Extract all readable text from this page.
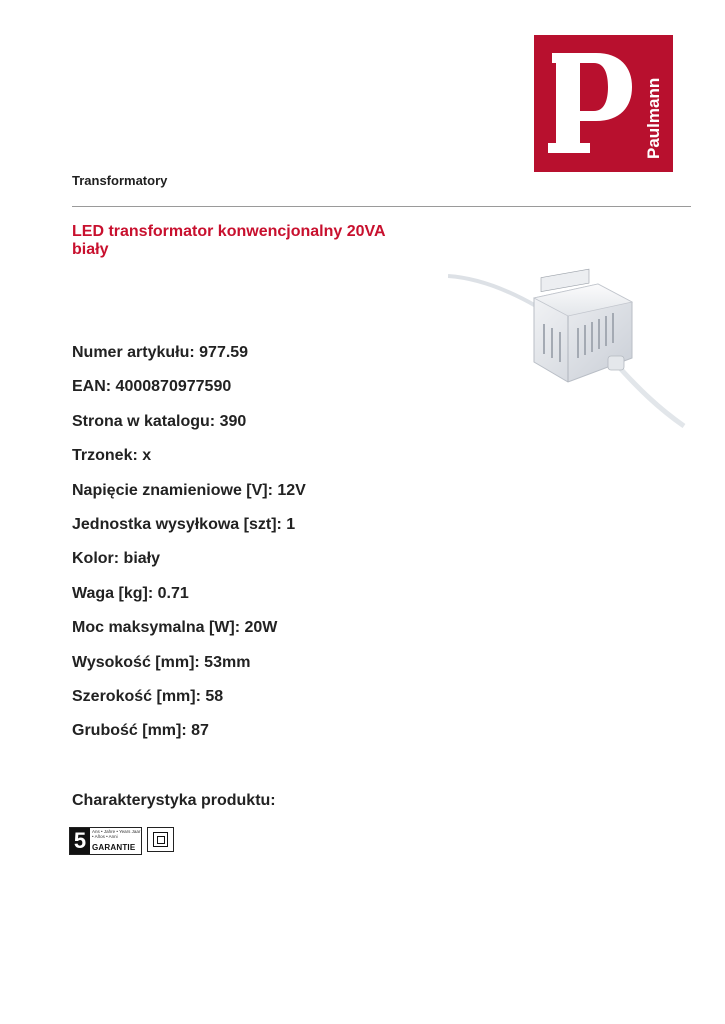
Paulmann
Transformatory
LED transformator konwencjonalny 20VA
biały
Numer artykułu: 977.59
EAN: 4000870977590
Strona w katalogu: 390
Trzonek: x
Napięcie znamieniowe [V]: 12V
Jednostka wysyłkowa [szt]: 1
Kolor: biały
Waga [kg]: 0.71
Moc maksymalna [W]: 20W
Wysokość [mm]: 53mm
Szerokość [mm]: 58
Grubość [mm]: 87
Charakterystyka produktu:
5	Ans • Jahre • Years Jaar • Años • Anni
GARANTIE
